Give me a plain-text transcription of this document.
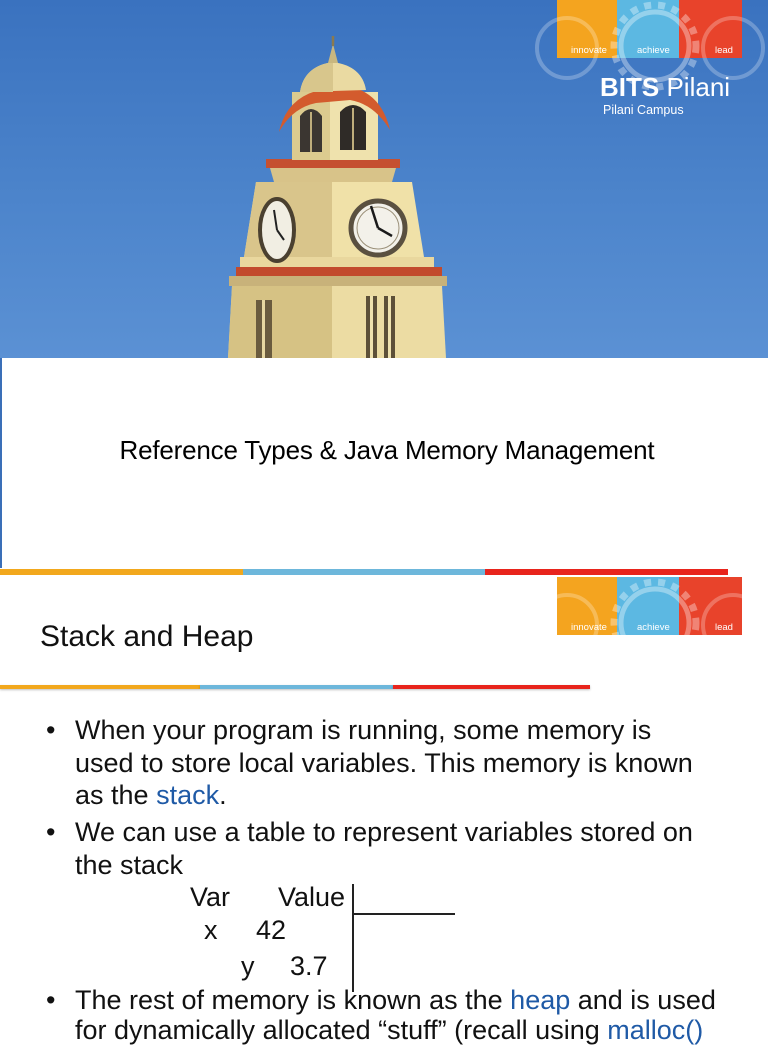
innovate	achieve	lead
BITS Pilani
Pilani Campus
Reference Types & Java Memory Management
innovate	achieve	lead
Stack and Heap
• When your program is running, some memory is
used to store local variables. This memory is known
as the stack.
• We can use a table to represent variables stored on
the stack
Var Value
x 42
y 3.7
• The rest of memory is known as the heap and is used
for dynamically allocated “stuff” (recall using malloc()
